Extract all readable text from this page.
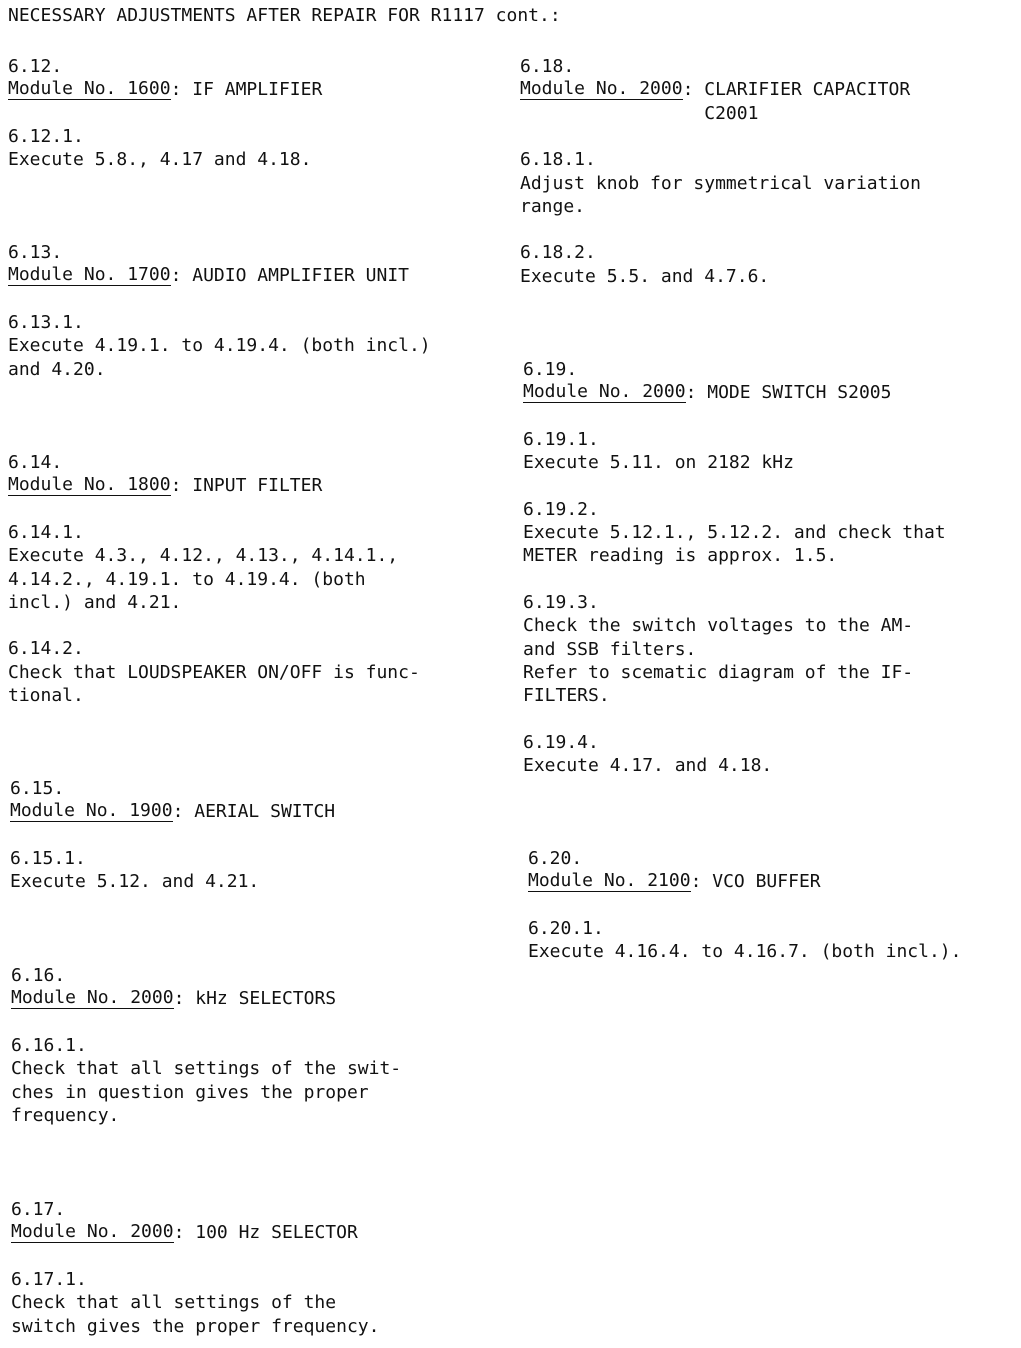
NECESSARY ADJUSTMENTS AFTER REPAIR FOR R1117 cont.:
6.12.
Module No. 1600 : IF AMPLIFIER
6.12.1.
Execute 5.8., 4.17 and 4.18.
6.13.
Module No. 1700 : AUDIO AMPLIFIER UNIT
6.13.1.
Execute 4.19.1. to 4.19.4. (both incl.)
and 4.20.
6.14.
Module No. 1800 : INPUT FILTER
6.14.1.
Execute 4.3., 4.12., 4.13., 4.14.1.,
4.14.2., 4.19.1. to 4.19.4. (both
incl.) and 4.21.
6.14.2.
Check that LOUDSPEAKER ON/OFF is func-
tional.
6.15.
Module No. 1900 : AERIAL SWITCH
6.15.1.
Execute 5.12. and 4.21.
6.16.
Module No. 2000 : kHz SELECTORS
6.16.1.
Check that all settings of the swit-
ches in question gives the proper
frequency.
6.17.
Module No. 2000 : 100 Hz SELECTOR
6.17.1.
Check that all settings of the
switch gives the proper frequency.
6.18.
Module No. 2000 : CLARIFIER CAPACITOR
C2001
6.18.1.
Adjust knob for symmetrical variation
range.
6.18.2.
Execute 5.5. and 4.7.6.
6.19.
Module No. 2000 : MODE SWITCH S2005
6.19.1.
Execute 5.11. on 2182 kHz
6.19.2.
Execute 5.12.1., 5.12.2. and check that
METER reading is approx. 1.5.
6.19.3.
Check the switch voltages to the AM-
and SSB filters.
Refer to scematic diagram of the IF-
FILTERS.
6.19.4.
Execute 4.17. and 4.18.
6.20.
Module No. 2100 : VCO BUFFER
6.20.1.
Execute 4.16.4. to 4.16.7. (both incl.).
